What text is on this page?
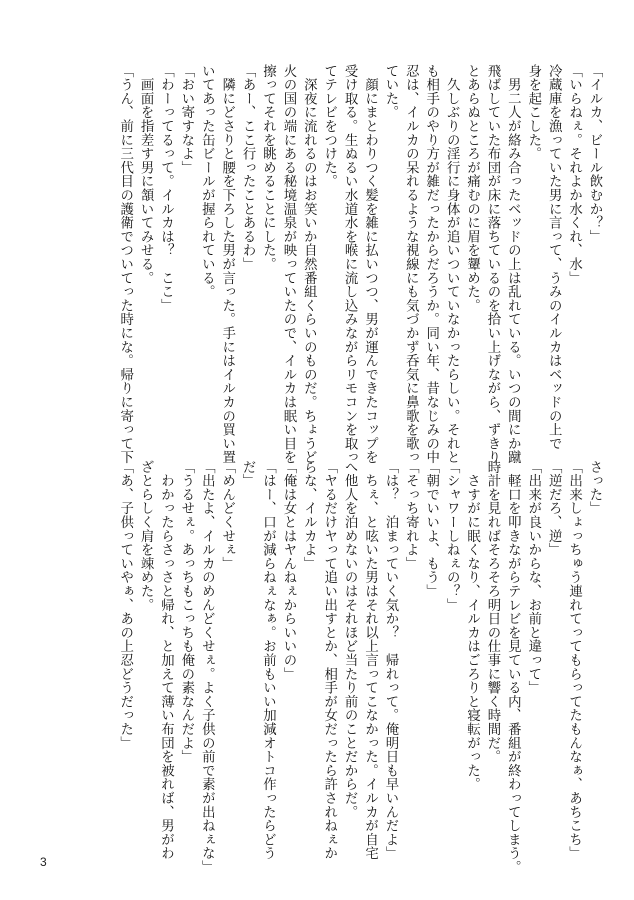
「イルカ、ビール飲むか？」

「いらねぇ。それよか水くれ、水」

冷蔵庫を漁っていた男に言って、うみのイルカはベッドの上で

身を起こした。

　男二人が絡み合ったベッドの上は乱れている。いつの間にか蹴

飛ばしていた布団が床に落ちているのを拾い上げながら、ずきり

とあらぬところが痛むのに眉を顰めた。

　久しぶりの淫行に身体が追いついていなかったらしい。それと

も相手のやり方が雑だったからだろうか。同い年、昔なじみの中

忍は、イルカの呆れるような視線にも気づかず呑気に鼻歌を歌っ

ていた。

　顔にまとわりつく髪を雑に払いつつ、男が運んできたコップを

受け取る。生ぬるい水道水を喉に流し込みながらリモコンを取っ

てテレビをつけた。

　深夜に流れるのはお笑いか自然番組くらいのものだ。ちょうど

火の国の端にある秘境温泉が映っていたので、イルカは眠い目を

擦ってそれを眺めることにした。

「あー、ここ行ったことあるわ」

　隣にどさりと腰を下ろした男が言った。手にはイルカの買い置

いてあった缶ビールが握られている。

「おい寄すなよ」

「わーってるって。イルカは？　ここ」

　画面を指差す男に頷いてみせる。

「うん、前に三代目の護衛でついてった時にな。帰りに寄って下

さった」

「出来しょっちゅう連れてってもらってたもんなぁ、あちこち」

「逆だろ、逆」

「出来が良いからな、お前と違って」

　軽口を叩きながらテレビを見ている内、番組が終わってしまう。

時計を見ればそろそろ明日の仕事に響く時間だ。

　さすがに眠くなり、イルカはごろりと寝転がった。

「シャワーしねぇの？」

「朝でいいよ、もう」

「そっち寄れよ」

「は？　泊まっていく気か？　帰れって。俺明日も早いんだよ」

　ちぇ、と呟いた男はそれ以上言ってこなかった。イルカが自宅

へ他人を泊めないのはそれほど当たり前のことだからだ。

「ヤるだけヤって追い出すとか、相手が女だったら許されねぇか

らな、イルカよ」

「俺は女とはヤんねぇからいいの」

「はー、口が減らねぇなぁ。お前もいい加減オトコ作ったらどう

だ」

「めんどくせぇ」

「出たよ、イルカのめんどくせぇ。よく子供の前で素が出ねぇな」

「うるせぇ。あっちもこっちも俺の素なんだよ」

　わかったらさっさと帰れ、と加えて薄い布団を被れば、男がわ

ざとらしく肩を竦めた。

「あ、子供っていやぁ、あの上忍どうだった」

3
